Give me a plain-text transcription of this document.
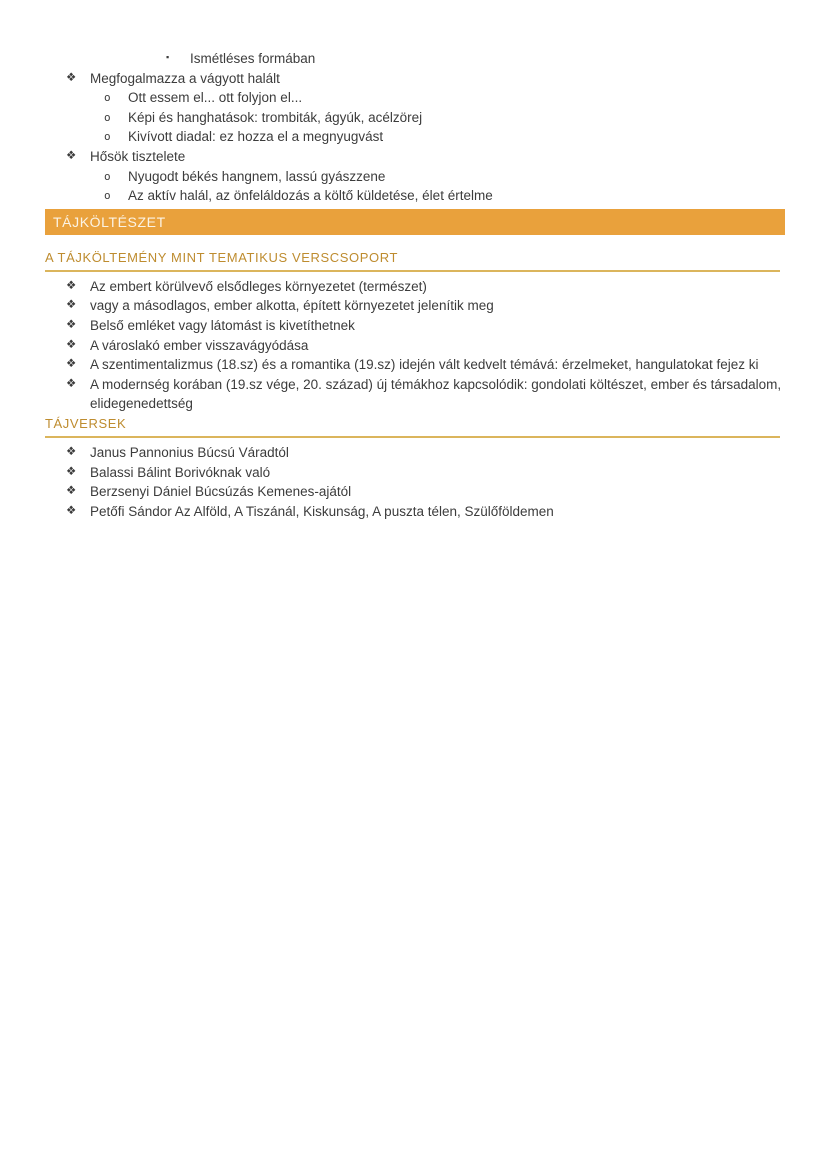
▪ Ismétléses formában
❖ Megfogalmazza a vágyott halált
o Ott essem el... ott folyjon el...
o Képi és hanghatások: trombiták, ágyúk, acélzörej
o Kivívott diadal: ez hozza el a megnyugvást
❖ Hősök tisztelete
o Nyugodt békés hangnem, lassú gyászzene
o Az aktív halál, az önfeláldozás a költő küldetése, élet értelme
TÁJKÖLTÉSZET
A TÁJKÖLTEMÉNY MINT TEMATIKUS VERSCSOPORT
❖ Az embert körülvevő elsődleges környezetet (természet)
❖ vagy a másodlagos, ember alkotta, épített környezetet jelenítik meg
❖ Belső emléket vagy látomást is kivetíthetnek
❖ A városlakó ember visszavágyódása
❖ A szentimentalizmus (18.sz) és a romantika (19.sz) idején vált kedvelt témává: érzelmeket, hangulatokat fejez ki
❖ A modernség korában (19.sz vége, 20. század) új témákhoz kapcsolódik: gondolati költészet, ember és társadalom, elidegenedettség
TÁJVERSEK
❖ Janus Pannonius Búcsú Váradtól
❖ Balassi Bálint Borivóknak való
❖ Berzsenyi Dániel Búcsúzás Kemenes-ajától
❖ Petőfi Sándor Az Alföld, A Tiszánál, Kiskunság, A puszta télen, Szülőföldemen
